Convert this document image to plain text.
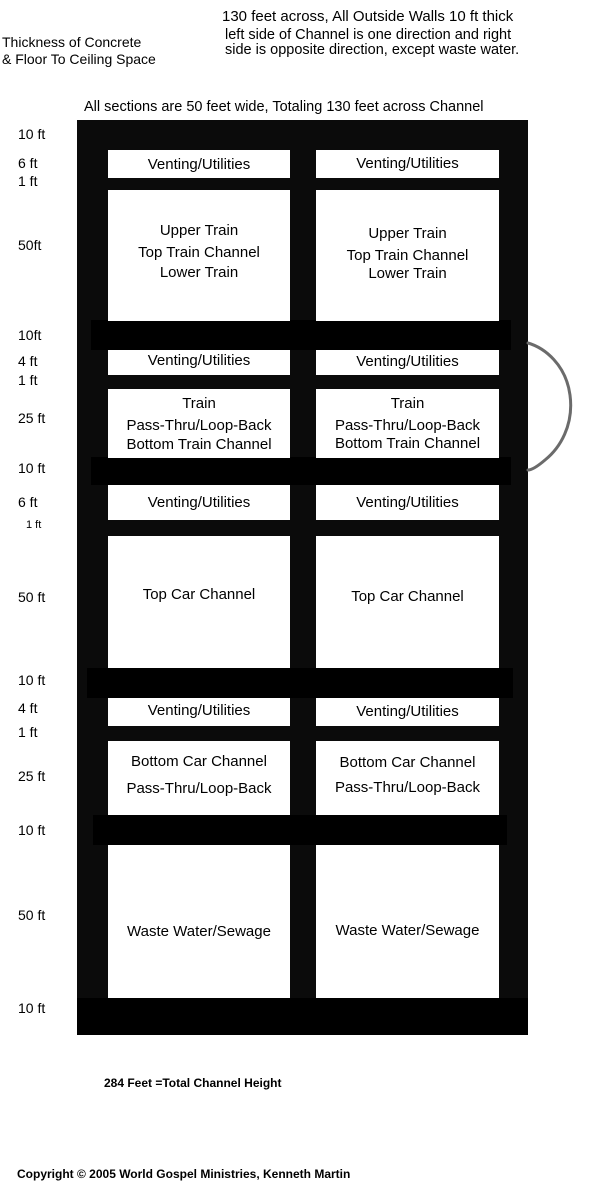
Thickness of Concrete
& Floor To Ceiling Space
130 feet across, All Outside Walls 10 ft thick
left side of Channel is one direction and right
side is opposite direction, except waste water.
All sections are 50 feet wide, Totaling 130 feet across Channel
10 ft
6 ft
1 ft
50ft
10ft
4 ft
1 ft
25 ft
10 ft
6 ft
1 ft
50 ft
10 ft
4 ft
1 ft
25 ft
10 ft
50 ft
10 ft
Venting/Utilities	Venting/Utilities
Upper Train
Top Train Channel
Lower Train
Upper Train
Top Train Channel
Lower Train
Venting/Utilities	Venting/Utilities
Train
Pass-Thru/Loop-Back
Bottom Train Channel
Train
Pass-Thru/Loop-Back
Bottom Train Channel
Venting/Utilities	Venting/Utilities
Top Car Channel	Top Car Channel
Venting/Utilities	Venting/Utilities
Bottom Car Channel
Pass-Thru/Loop-Back
Bottom Car Channel
Pass-Thru/Loop-Back
Waste Water/Sewage	Waste Water/Sewage
284 Feet =Total Channel Height
Copyright © 2005 World Gospel Ministries, Kenneth Martin
